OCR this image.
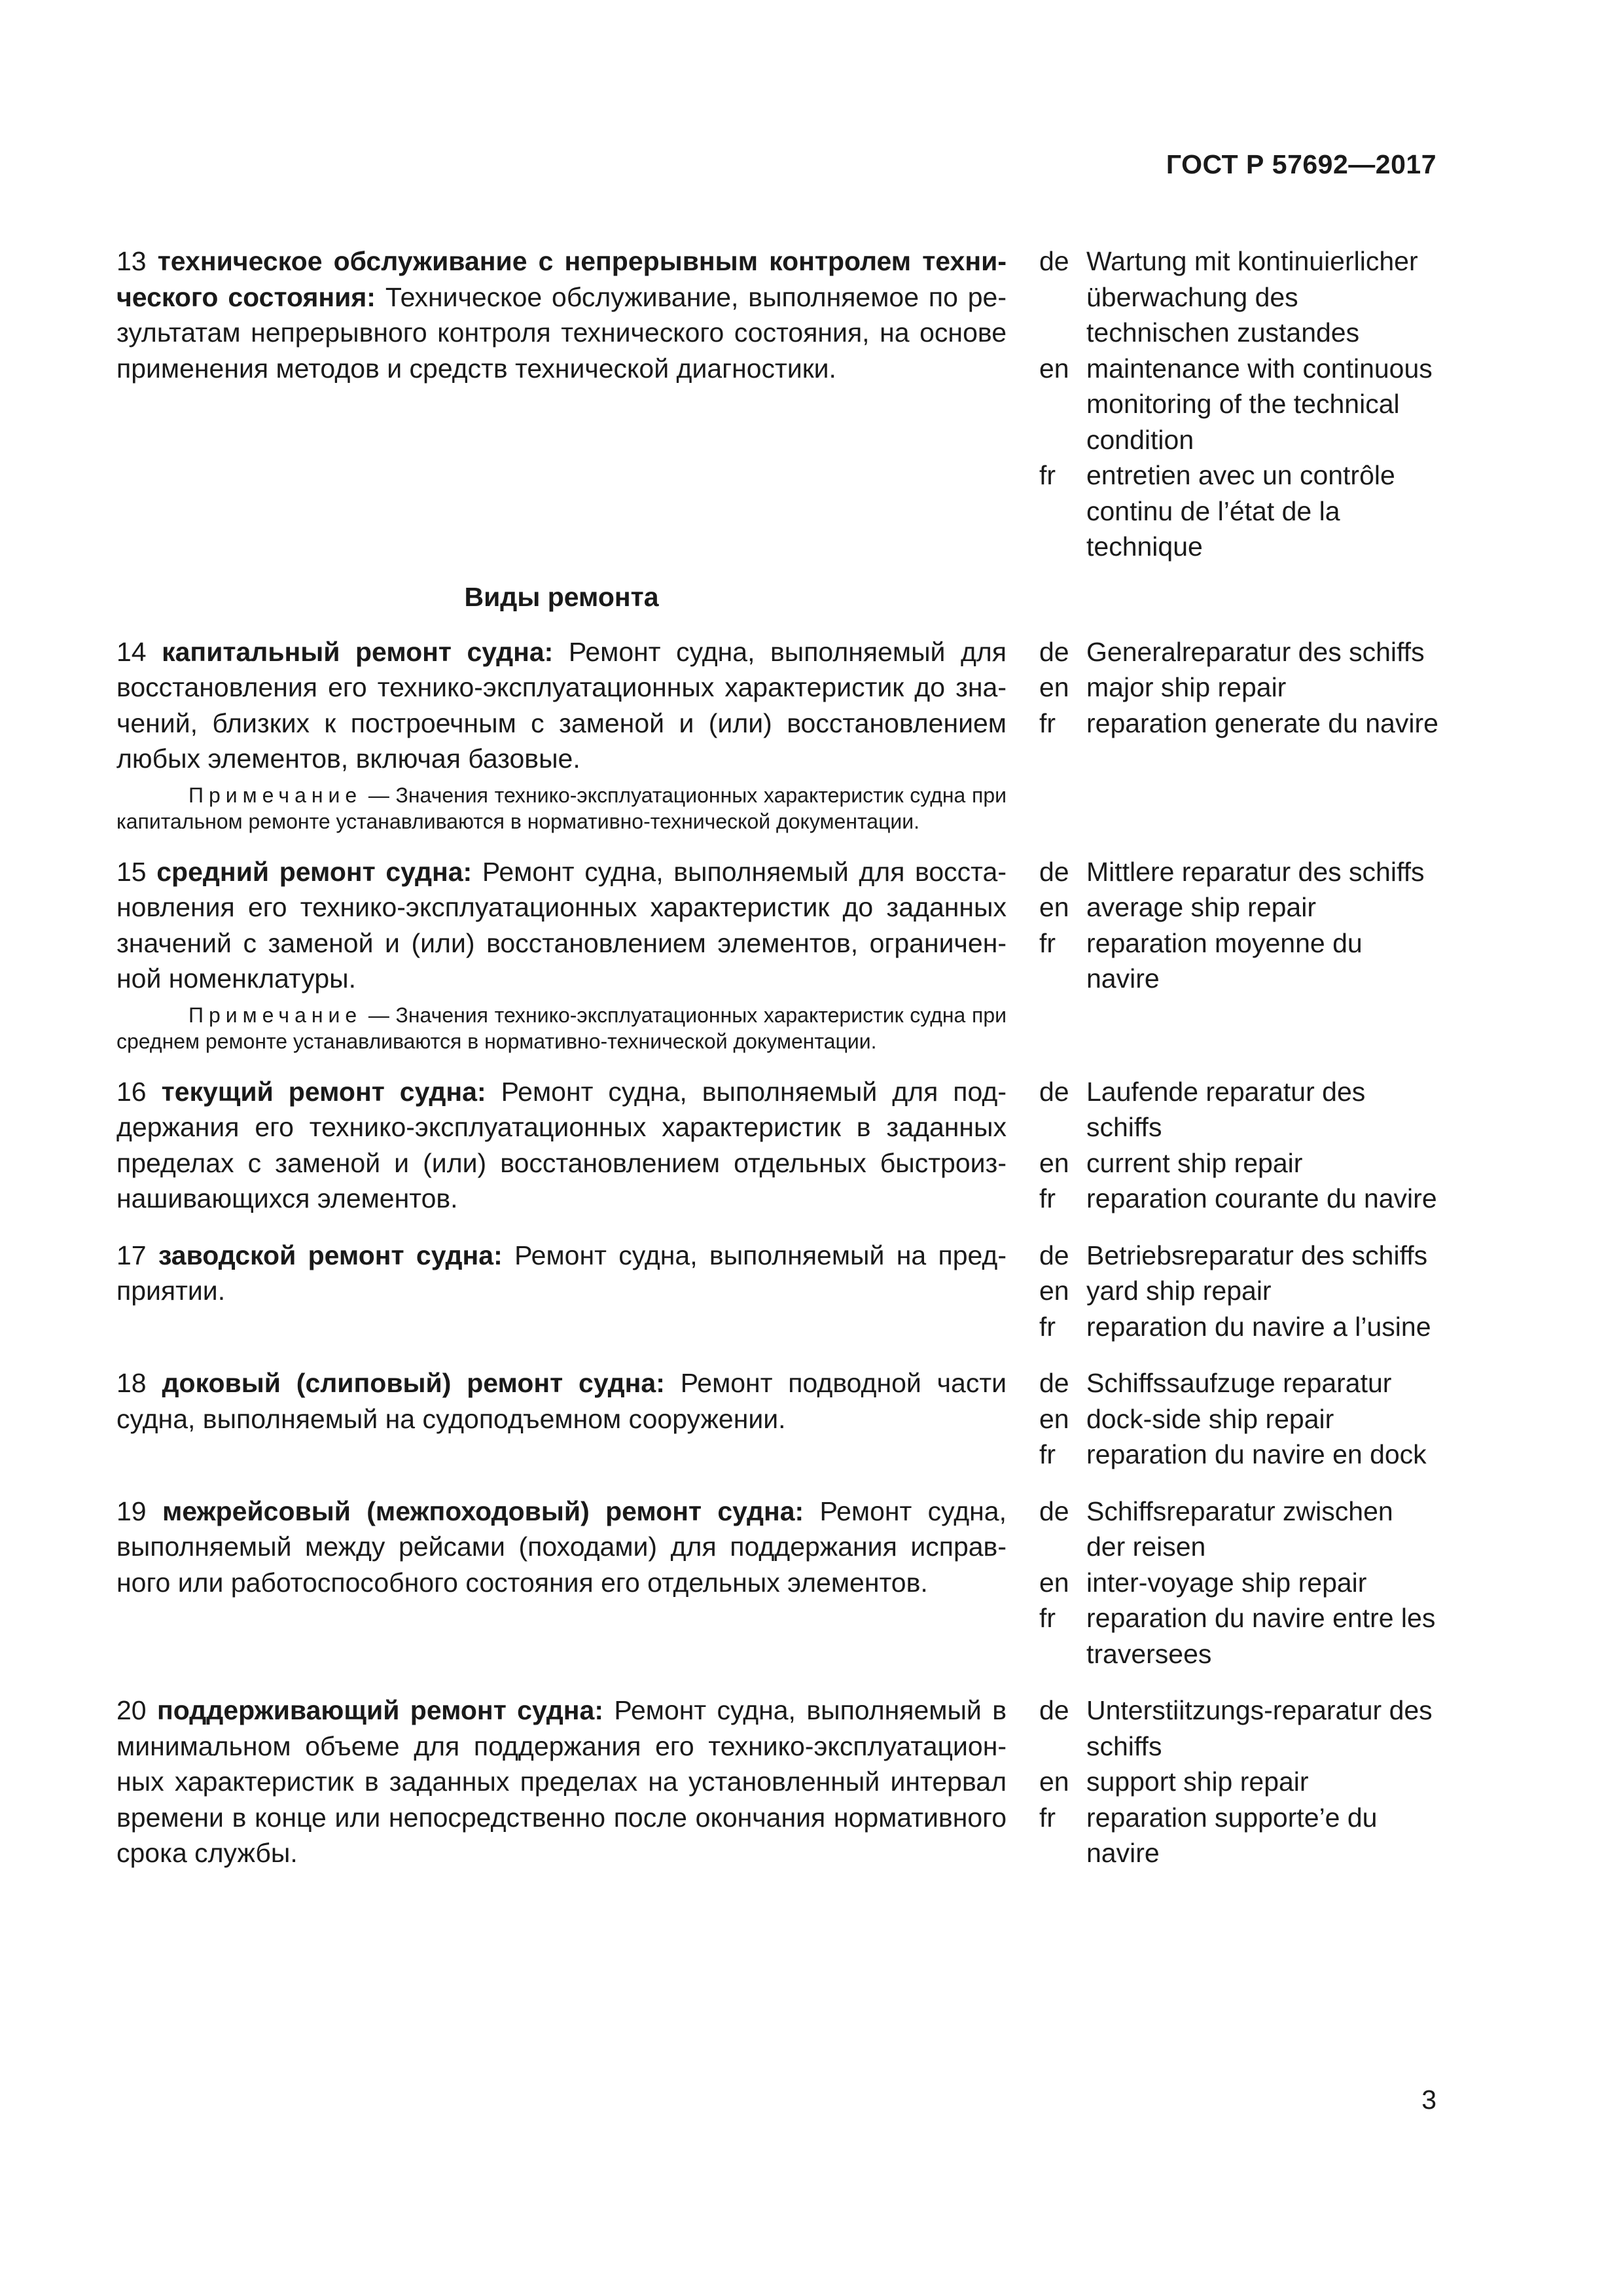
ГОСТ Р 57692—2017
13 техническое обслуживание с непрерывным контролем технического состояния: Техническое обслуживание, выполняемое по результатам непрерывного контроля технического состояния, на основе применения методов и средств технической диагностики.
de Wartung mit kontinuierlicher überwachung des technischen zustandes
en maintenance with continuous monitoring of the technical condition
fr	entretien avec un contrôle continu de l’état de la technique
Виды ремонта
14 капитальный ремонт судна: Ремонт судна, выполняемый для восстановления его технико-эксплуатационных характеристик до значений, близких к построечным с заменой и (или) восстановлением любых элементов, включая базовые.
Примечание — Значения технико-эксплуатационных характеристик судна при капитальном ремонте устанавливаются в нормативно-технической документации.
de Generalreparatur des schiffs
en major ship repair
fr	reparation generate du navire
15 средний ремонт судна: Ремонт судна, выполняемый для восстановления его технико-эксплуатационных характеристик до заданных значений с заменой и (или) восстановлением элементов, ограниченной номенклатуры.
Примечание — Значения технико-эксплуатационных характеристик судна при среднем ремонте устанавливаются в нормативно-технической документации.
de Mittlere reparatur des schiffs
en average ship repair
fr	reparation moyenne du navire
16 текущий ремонт судна: Ремонт судна, выполняемый для поддержания его технико-эксплуатационных характеристик в заданных пределах с заменой и (или) восстановлением отдельных быстроизнашивающихся элементов.
de Laufende reparatur des schiffs
en current ship repair
fr	reparation courante du navire
17 заводской ремонт судна: Ремонт судна, выполняемый на предприятии.
de Betriebsreparatur des schiffs
en yard ship repair
fr	reparation du navire a l’usine
18 доковый (слиповый) ремонт судна: Ремонт подводной части судна, выполняемый на судоподъемном сооружении.
de Schiffssaufzuge reparatur
en dock-side ship repair
fr	reparation du navire en dock
19 межрейсовый (межпоходовый) ремонт судна: Ремонт судна, выполняемый между рейсами (походами) для поддержания исправного или работоспособного состояния его отдельных элементов.
de Schiffsreparatur zwischen der reisen
en inter-voyage ship repair
fr	reparation du navire entre les traversees
20 поддерживающий ремонт судна: Ремонт судна, выполняемый в минимальном объеме для поддержания его технико-эксплуатационных характеристик в заданных пределах на установленный интервал времени в конце или непосредственно после окончания нормативного срока службы.
de Unterstiitzungs-reparatur des schiffs
en support ship repair
fr	reparation supporte’e du navire
3
